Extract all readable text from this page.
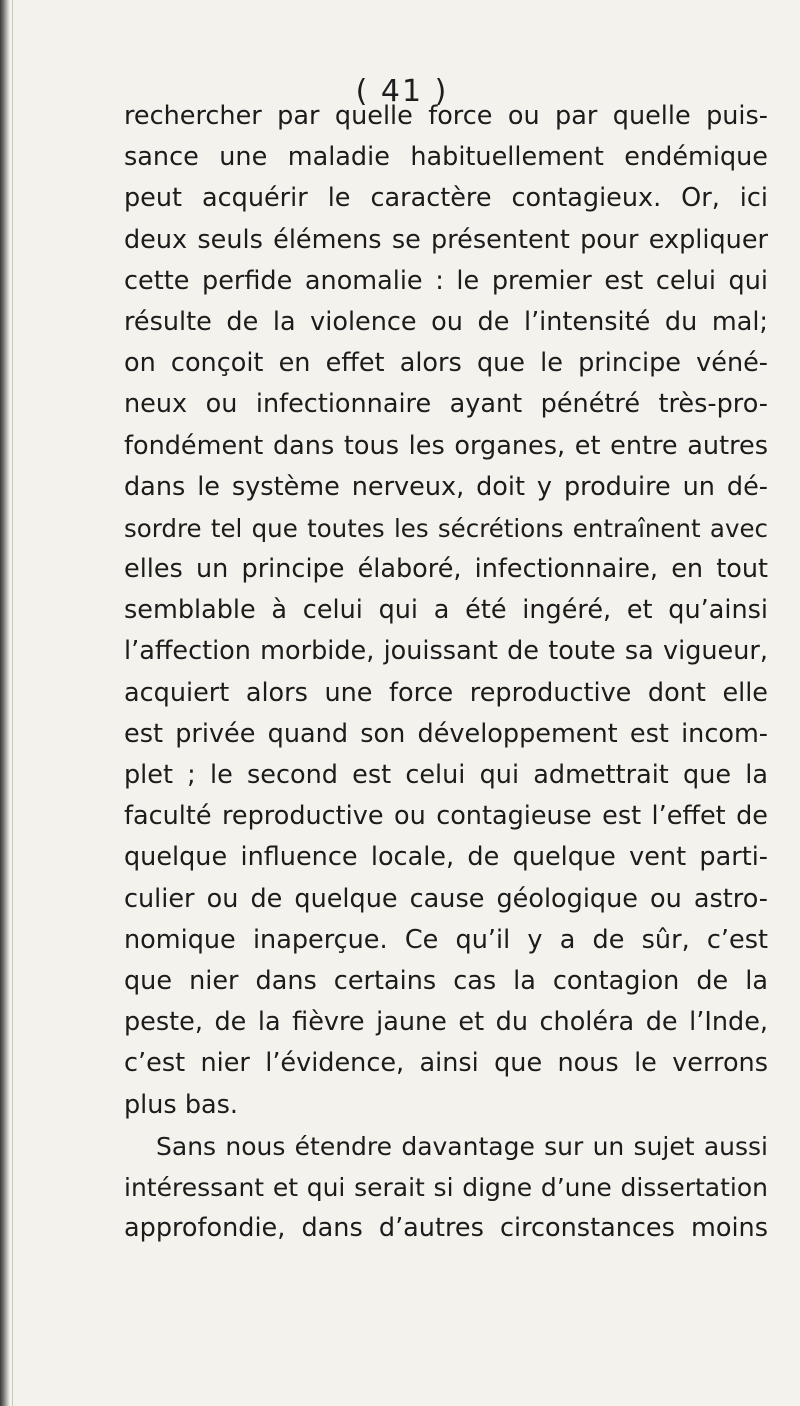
( 41 )
rechercher par quelle force ou par quelle puis-
sance une maladie habituellement endémique
peut acquérir le caractère contagieux. Or, ici
deux seuls élémens se présentent pour expliquer
cette perfide anomalie : le premier est celui qui
résulte de la violence ou de l’intensité du mal;
on conçoit en effet alors que le principe véné-
neux ou infectionnaire ayant pénétré très-pro-
fondément dans tous les organes, et entre autres
dans le système nerveux, doit y produire un dé-
sordre tel que toutes les sécrétions entraînent avec
elles un principe élaboré, infectionnaire, en tout
semblable à celui qui a été ingéré, et qu’ainsi
l’affection morbide, jouissant de toute sa vigueur,
acquiert alors une force reproductive dont elle
est privée quand son développement est incom-
plet ; le second est celui qui admettrait que la
faculté reproductive ou contagieuse est l’effet de
quelque influence locale, de quelque vent parti-
culier ou de quelque cause géologique ou astro-
nomique inaperçue. Ce qu’il y a de sûr, c’est
que nier dans certains cas la contagion de la
peste, de la fièvre jaune et du choléra de l’Inde,
c’est nier l’évidence, ainsi que nous le verrons
plus bas.
Sans nous étendre davantage sur un sujet aussi
intéressant et qui serait si digne d’une dissertation
approfondie, dans d’autres circonstances moins
